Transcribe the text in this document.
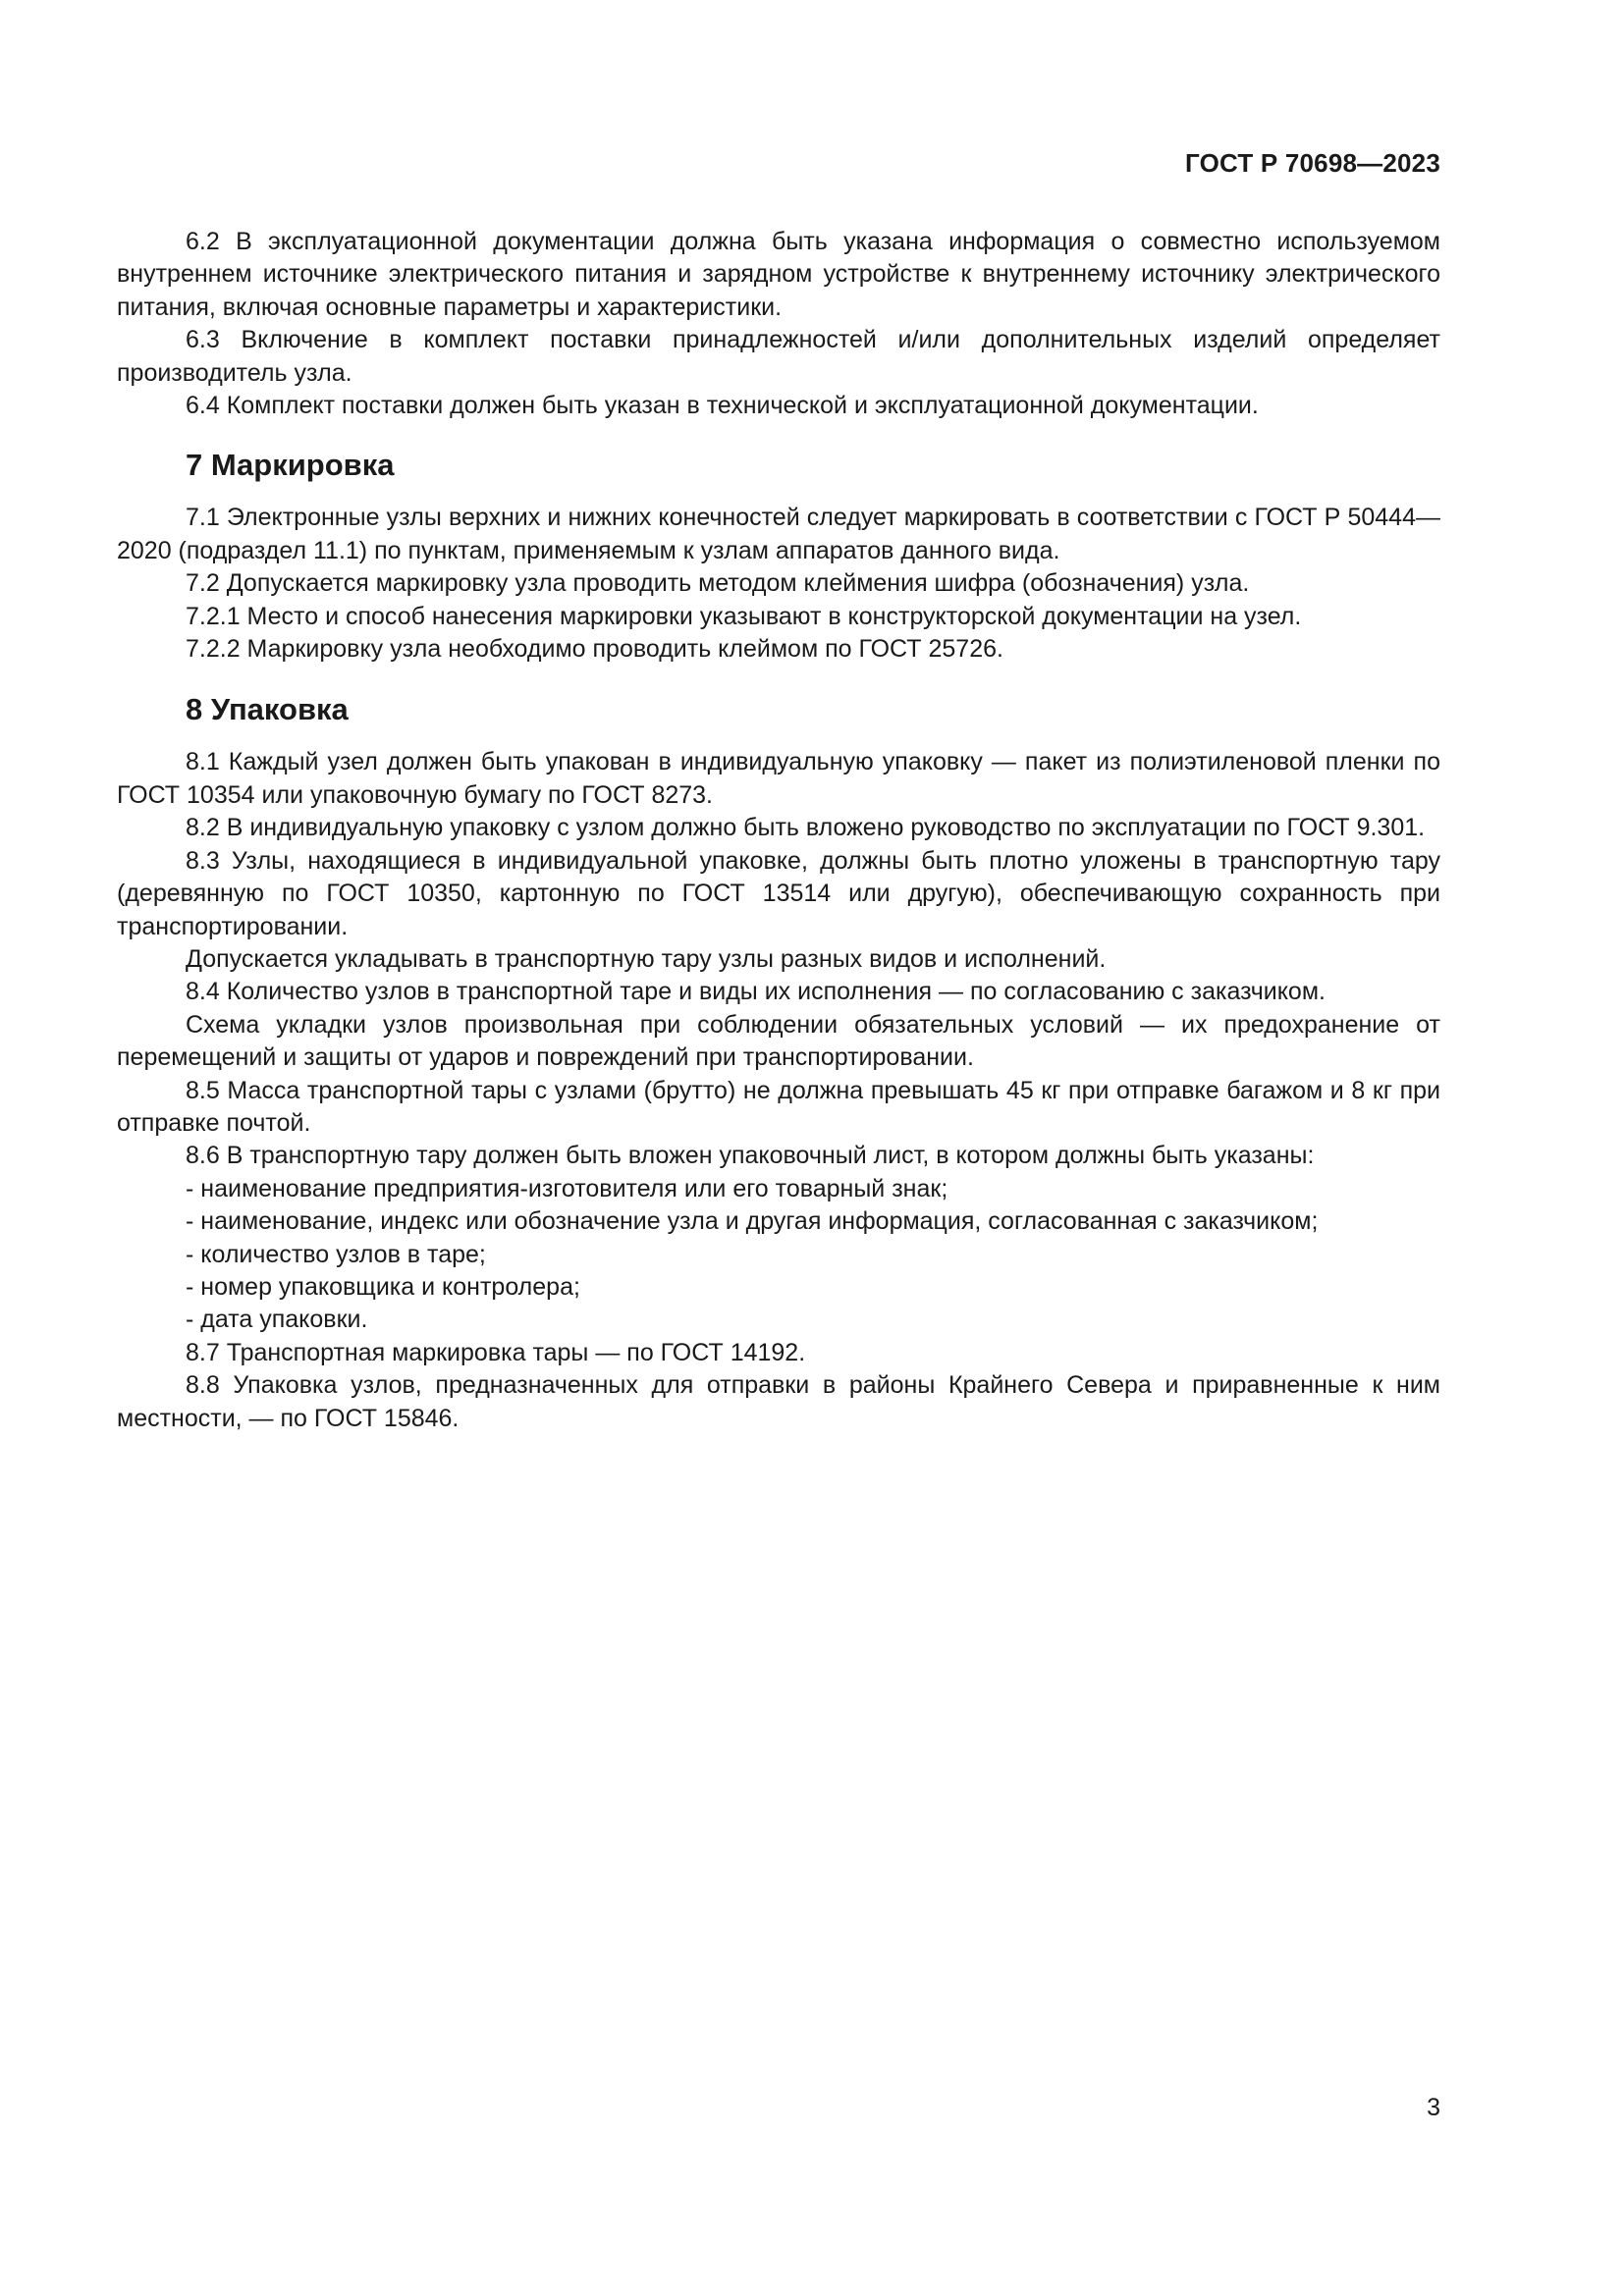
ГОСТ Р 70698—2023

6.2 В эксплуатационной документации должна быть указана информация о совместно используемом внутреннем источнике электрического питания и зарядном устройстве к внутреннему источнику электрического питания, включая основные параметры и характеристики.

6.3 Включение в комплект поставки принадлежностей и/или дополнительных изделий определяет производитель узла.

6.4 Комплект поставки должен быть указан в технической и эксплуатационной документации.

7 Маркировка

7.1 Электронные узлы верхних и нижних конечностей следует маркировать в соответствии с ГОСТ Р 50444—2020 (подраздел 11.1) по пунктам, применяемым к узлам аппаратов данного вида.

7.2 Допускается маркировку узла проводить методом клеймения шифра (обозначения) узла.

7.2.1 Место и способ нанесения маркировки указывают в конструкторской документации на узел.

7.2.2 Маркировку узла необходимо проводить клеймом по ГОСТ 25726.

8 Упаковка

8.1 Каждый узел должен быть упакован в индивидуальную упаковку — пакет из полиэтиленовой пленки по ГОСТ 10354 или упаковочную бумагу по ГОСТ 8273.

8.2 В индивидуальную упаковку с узлом должно быть вложено руководство по эксплуатации по ГОСТ 9.301.

8.3 Узлы, находящиеся в индивидуальной упаковке, должны быть плотно уложены в транспортную тару (деревянную по ГОСТ 10350, картонную по ГОСТ 13514 или другую), обеспечивающую сохранность при транспортировании.

Допускается укладывать в транспортную тару узлы разных видов и исполнений.

8.4 Количество узлов в транспортной таре и виды их исполнения — по согласованию с заказчиком.

Схема укладки узлов произвольная при соблюдении обязательных условий — их предохранение от перемещений и защиты от ударов и повреждений при транспортировании.

8.5 Масса транспортной тары с узлами (брутто) не должна превышать 45 кг при отправке багажом и 8 кг при отправке почтой.

8.6 В транспортную тару должен быть вложен упаковочный лист, в котором должны быть указаны:

- наименование предприятия-изготовителя или его товарный знак;

- наименование, индекс или обозначение узла и другая информация, согласованная с заказчиком;

- количество узлов в таре;

- номер упаковщика и контролера;

- дата упаковки.

8.7 Транспортная маркировка тары — по ГОСТ 14192.

8.8 Упаковка узлов, предназначенных для отправки в районы Крайнего Севера и приравненные к ним местности, — по ГОСТ 15846.

3
